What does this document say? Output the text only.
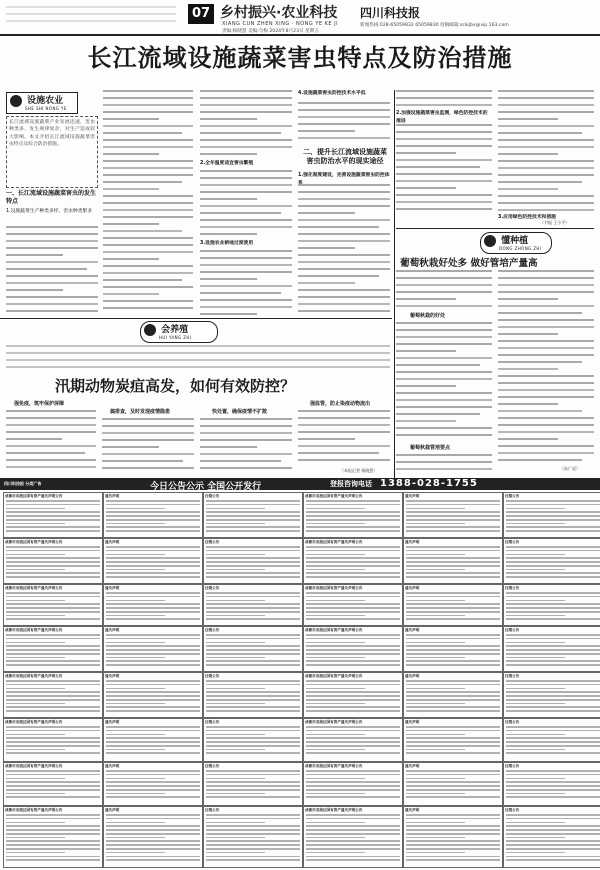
07 乡村振兴·农业科技
XIANG CUN ZHEN XING · NONG YE KE JI
四川科技报
责编:杨晓慧 美编:乌梅 2024年8月23日 星期五
新闻热线:028-65059832 65059830 投稿邮箱:scikjbx@vip.163.com
长江流域设施蔬菜害虫特点及防治措施
设施农业
SHE SHI NONG YE
长江流域设施蔬菜产业发展迅速，害虫种类多、发生规律复杂，对生产造成较大影响。本文介绍长江流域设施蔬菜害虫特点及综合防治措施。
一、长江流域设施蔬菜害虫的发生特点
1.设施蔬菜生产种类多样，害虫种类繁多
2.全年温度适宜害虫繁殖
3.设施农业耕地过度使用
4.设施蔬菜害虫防控技术水平低
二、提升长江流域设施蔬菜害虫防治水平的现实途径
1.强化制度建设，完善设施蔬菜害虫防控体
2.加强设施蔬菜害虫监测，绿色防控技术的推进
3.应用绿色防控技术和措施
（尹振 王小平）
懂种植
DONG ZHONG ZHI
葡萄秋栽好处多 做好管培产量高
葡萄秋栽的好处
葡萄秋栽管培要点
（朱广虎）
会养殖
HUI YANG ZHI
汛期动物炭疽高发，如何有效防控？
强免疫，筑牢保护屏障
搞排查，及时发现疫情隐患	快处置，确保疫情不扩散
强监管，防止染疫动物流出
（本报记者 杨晓慧）
四川科技报 分类广告	今日公告公示 全国公开发行	登报咨询电话 1388-028-1755
成都市双流区国有资产遗失声明公告	遗失声明	注销公告	成都市双流区国有资产遗失声明公告	遗失声明	注销公告
成都市双流区国有资产遗失声明公告	遗失声明	注销公告	成都市双流区国有资产遗失声明公告	遗失声明	注销公告
成都市双流区国有资产遗失声明公告	遗失声明	注销公告	成都市双流区国有资产遗失声明公告	遗失声明	注销公告
成都市双流区国有资产遗失声明公告	遗失声明	注销公告	成都市双流区国有资产遗失声明公告	遗失声明	注销公告
成都市双流区国有资产遗失声明公告	遗失声明	注销公告	成都市双流区国有资产遗失声明公告	遗失声明	注销公告
成都市双流区国有资产遗失声明公告	遗失声明	注销公告	成都市双流区国有资产遗失声明公告	遗失声明	注销公告
成都市双流区国有资产遗失声明公告	遗失声明	注销公告	成都市双流区国有资产遗失声明公告	遗失声明	注销公告
成都市双流区国有资产遗失声明公告	遗失声明	注销公告	成都市双流区国有资产遗失声明公告	遗失声明	注销公告
